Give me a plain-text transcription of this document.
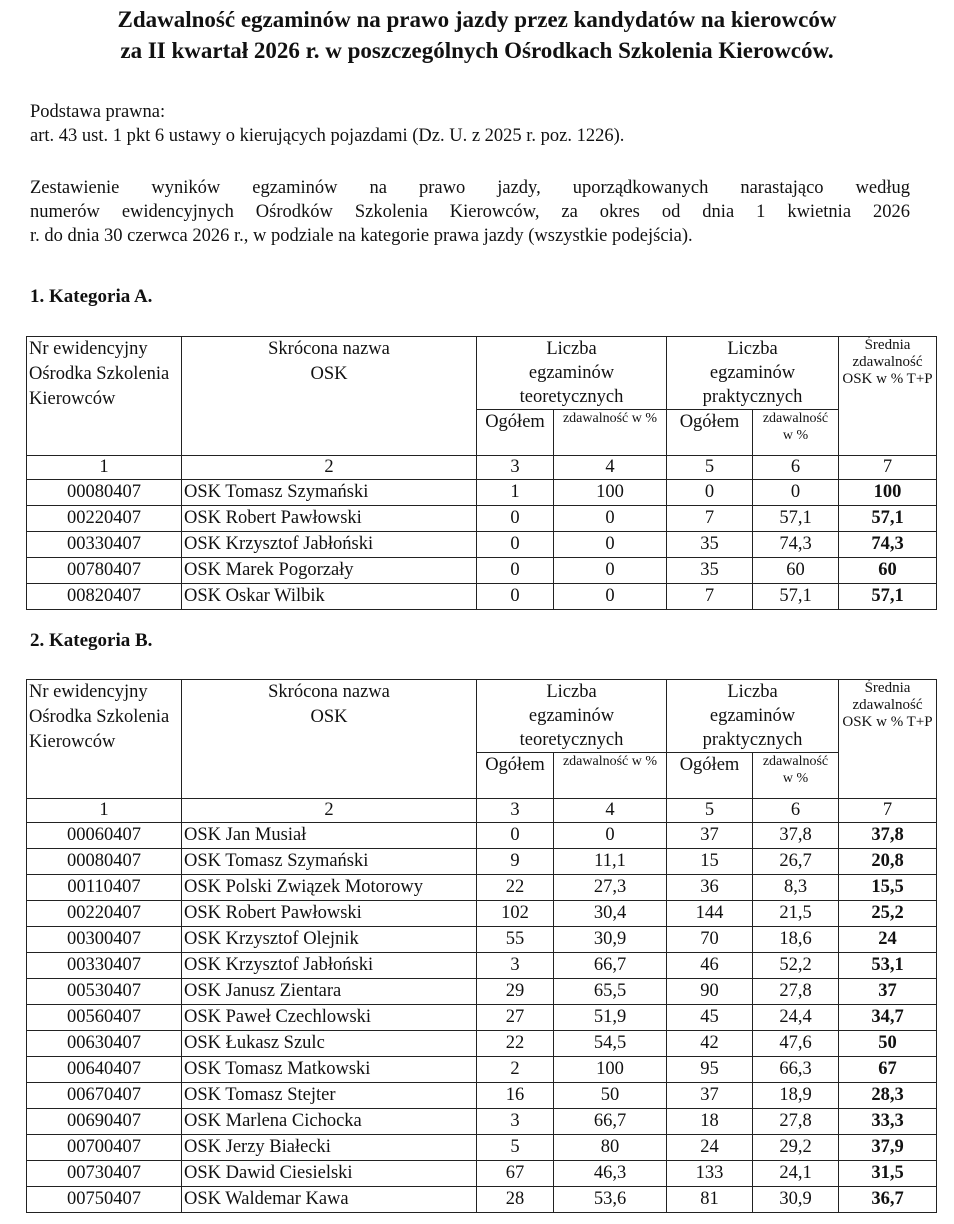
Zdawalność egzaminów na prawo jazdy przez kandydatów na kierowców
za II kwartał 2026 r. w poszczególnych Ośrodkach Szkolenia Kierowców.
Podstawa prawna:
art. 43 ust. 1 pkt 6 ustawy o kierujących pojazdami (Dz. U. z 2025 r. poz. 1226).
Zestawienie wyników egzaminów na prawo jazdy, uporządkowanych narastająco według
numerów ewidencyjnych Ośrodków Szkolenia Kierowców, za okres od dnia 1 kwietnia 2026
r. do dnia 30 czerwca 2026 r., w podziale na kategorie prawa jazdy (wszystkie podejścia).
1. Kategoria A.
Nr ewidencyjny Ośrodka Szkolenia Kierowców	Skrócona nazwa OSK	Liczba egzaminów teoretycznych		Liczba egzaminów praktycznych		Średnia zdawalność OSK w % T+P
		Ogółem	zdawalność w %	Ogółem	zdawalność w %	
1	2	3	4	5	6	7
00080407	OSK Tomasz Szymański	1	100	0	0	100
00220407	OSK Robert Pawłowski	0	0	7	57,1	57,1
00330407	OSK Krzysztof Jabłoński	0	0	35	74,3	74,3
00780407	OSK Marek Pogorzały	0	0	35	60	60
00820407	OSK Oskar Wilbik	0	0	7	57,1	57,1
2. Kategoria B.
Nr ewidencyjny Ośrodka Szkolenia Kierowców	Skrócona nazwa OSK	Liczba egzaminów teoretycznych		Liczba egzaminów praktycznych		Średnia zdawalność OSK w % T+P
		Ogółem	zdawalność w %	Ogółem	zdawalność w %	
1	2	3	4	5	6	7
00060407	OSK Jan Musiał	0	0	37	37,8	37,8
00080407	OSK Tomasz Szymański	9	11,1	15	26,7	20,8
00110407	OSK Polski Związek Motorowy	22	27,3	36	8,3	15,5
00220407	OSK Robert Pawłowski	102	30,4	144	21,5	25,2
00300407	OSK Krzysztof Olejnik	55	30,9	70	18,6	24
00330407	OSK Krzysztof Jabłoński	3	66,7	46	52,2	53,1
00530407	OSK Janusz Zientara	29	65,5	90	27,8	37
00560407	OSK Paweł Czechlowski	27	51,9	45	24,4	34,7
00630407	OSK Łukasz Szulc	22	54,5	42	47,6	50
00640407	OSK Tomasz Matkowski	2	100	95	66,3	67
00670407	OSK Tomasz Stejter	16	50	37	18,9	28,3
00690407	OSK Marlena Cichocka	3	66,7	18	27,8	33,3
00700407	OSK Jerzy Białecki	5	80	24	29,2	37,9
00730407	OSK Dawid Ciesielski	67	46,3	133	24,1	31,5
00750407	OSK Waldemar Kawa	28	53,6	81	30,9	36,7
